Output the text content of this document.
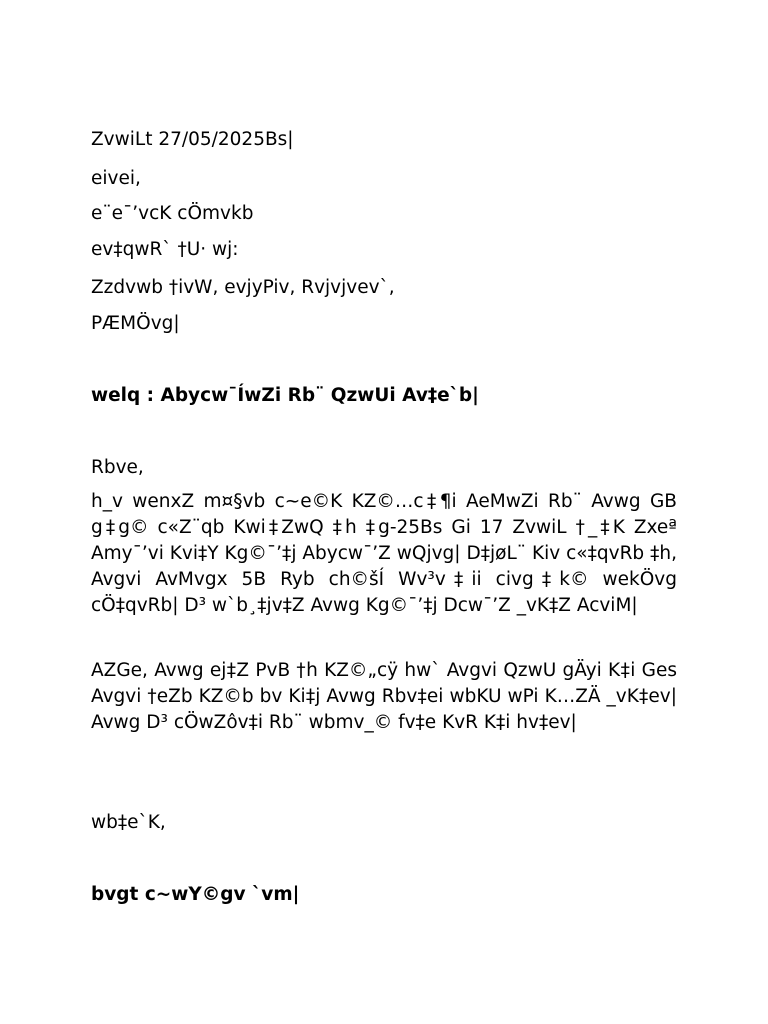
ZvwiLt 27/05/2025Bs|
eivei,
e¨e¯’vcK cÖmvkb
ev‡qwR` †U· wj:
Zzdvwb †ivW, evjyPiv, Rvjvjvev`,
PÆMÖvg|
welq : Abycw¯ÍwZi Rb¨ QzwUi Av‡e`b|
Rbve,
h_v wenxZ m¤§vb c~e©K KZ©…c‡¶i AeMwZi Rb¨ Avwg GB g‡g© c«Z¨qb Kwi‡ZwQ ‡h ‡g-25Bs Gi 17 ZvwiL †_‡K Zxeª Amy¯’vi Kvi‡Y Kg©¯’‡j Abycw¯’Z wQjvg| D‡jøL¨ Kiv c«‡qvRb ‡h, Avgvi AvMvgx 5B Ryb ch©šÍ Wv³v‡ii civg‡k© wekÖvg cÖ‡qvRb| D³ w`b¸‡jv‡Z Avwg Kg©¯’‡j Dcw¯’Z _vK‡Z AcviM|
AZGe, Avwg ej‡Z PvB †h KZ©„cÿ hw` Avgvi QzwU gÄyi K‡i Ges Avgvi †eZb KZ©b bv Ki‡j Avwg Rbv‡ei wbKU wPi K…ZÄ _vK‡ev| Avwg D³ cÖwZôv‡i Rb¨ wbmv_© fv‡e KvR K‡i hv‡ev|
wb‡e`K,
bvgt c~wY©gv `vm|
